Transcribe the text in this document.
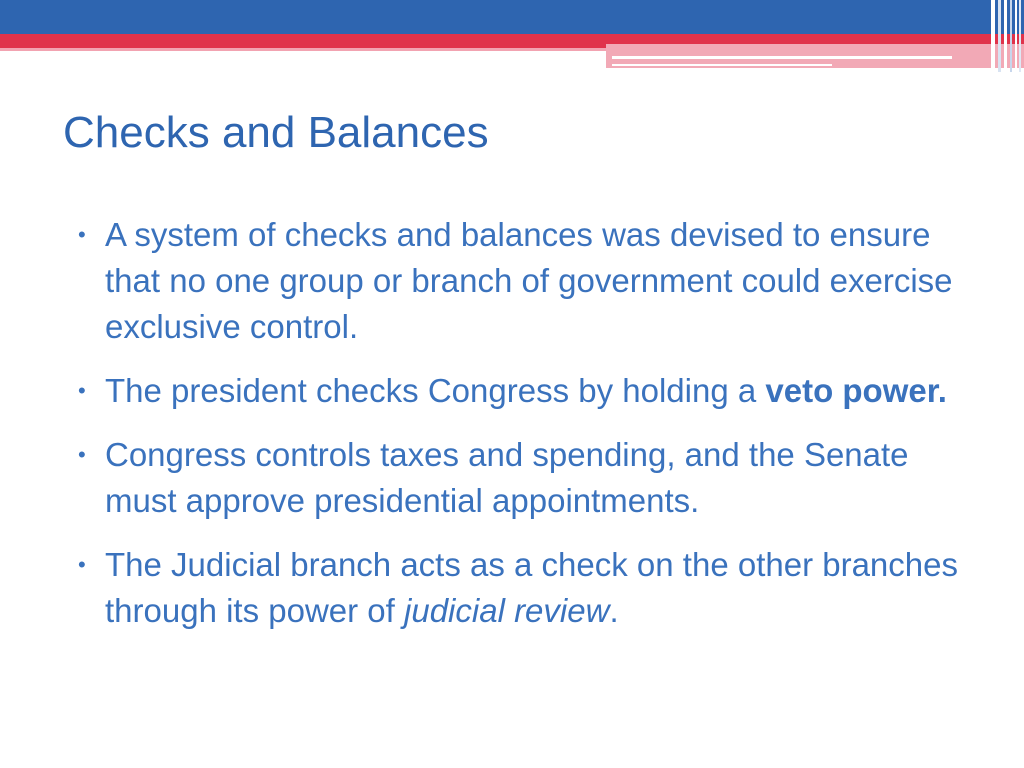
Checks and Balances
• A system of checks and balances was devised to ensure that no one group or branch of government could exercise exclusive control.
• The president checks Congress by holding a veto power.
• Congress controls taxes and spending, and the Senate must approve presidential appointments.
• The Judicial branch acts as a check on the other branches through its power of judicial review.
